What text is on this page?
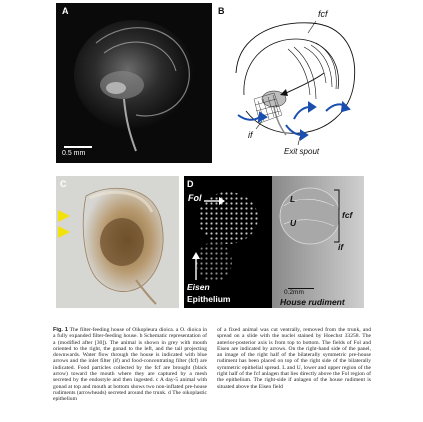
A
0.5 mm
B	fcf
if
Exit spout
C	D
Fol
Eisen
Epithelium
L
U
fcf
if
0.2mm
House rudiment
Fig. 1 The filter-feeding house of Oikopleura dioica. a O. dioica in a fully expanded filter-feeding house. b Schematic representation of a (modified after [30]). The animal is shown in grey with mouth oriented to the right, the gonad to the left, and the tail projecting downwards. Water flow through the house is indicated with blue arrows and the inlet filter (if) and food-concentrating filter (fcf) are indicated. Food particles collected by the fcf are brought (black arrow) toward the mouth where they are captured by a mesh secreted by the endostyle and then ingested. c A day-5 animal with gonad at top and mouth at bottom shows two non-inflated pre-house rudiments (arrowheads) secreted around the trunk. d The oikoplastic epithelium
of a fixed animal was cut ventrally, removed from the trunk, and spread on a slide with the nuclei stained by Hoechst 33258. The anterior-posterior axis is from top to bottom. The fields of Fol and Eisen are indicated by arrows. On the right-hand side of the panel, an image of the right half of the bilaterally symmetric pre-house rudiment has been placed on top of the right side of the bilaterally symmetric epithelial spread. L and U, lower and upper region of the right half of the fcf anlagen that lies directly above the Fol region of the epithelium. The right-side if anlagen of the house rudiment is situated above the Eisen field
